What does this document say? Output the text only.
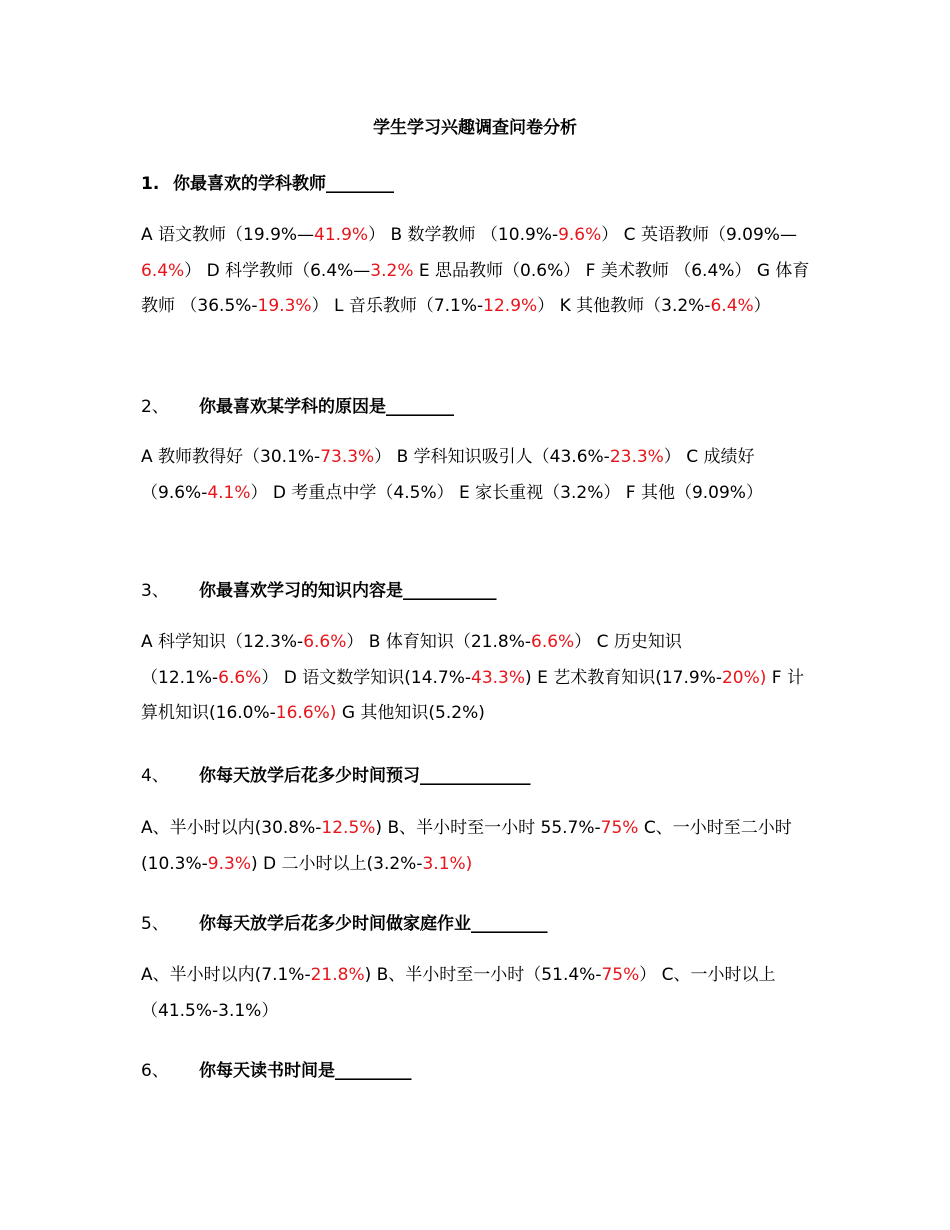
学生学习兴趣调查问卷分析
1. 你最喜欢的学科教师________
A 语文教师（19.9%—41.9%） B 数学教师 （10.9%-9.6%） C 英语教师（9.09%—6.4%） D 科学教师（6.4%—3.2% E 思品教师（0.6%） F 美术教师 （6.4%） G 体育教师 （36.5%-19.3%） L 音乐教师（7.1%-12.9%） K 其他教师（3.2%-6.4%）
2、 你最喜欢某学科的原因是________
A 教师教得好（30.1%-73.3%） B 学科知识吸引人（43.6%-23.3%） C 成绩好（9.6%-4.1%） D 考重点中学（4.5%） E 家长重视（3.2%） F 其他（9.09%）
3、 你最喜欢学习的知识内容是___________
A 科学知识（12.3%-6.6%） B 体育知识（21.8%-6.6%） C 历史知识（12.1%-6.6%） D 语文数学知识(14.7%-43.3%) E 艺术教育知识(17.9%-20%) F 计算机知识(16.0%-16.6%) G 其他知识(5.2%)
4、 你每天放学后花多少时间预习_____________
A、半小时以内(30.8%-12.5%) B、半小时至一小时 55.7%-75% C、一小时至二小时(10.3%-9.3%) D 二小时以上(3.2%-3.1%)
5、 你每天放学后花多少时间做家庭作业_________
A、半小时以内(7.1%-21.8%) B、半小时至一小时（51.4%-75%） C、一小时以上（41.5%-3.1%）
6、 你每天读书时间是_________
